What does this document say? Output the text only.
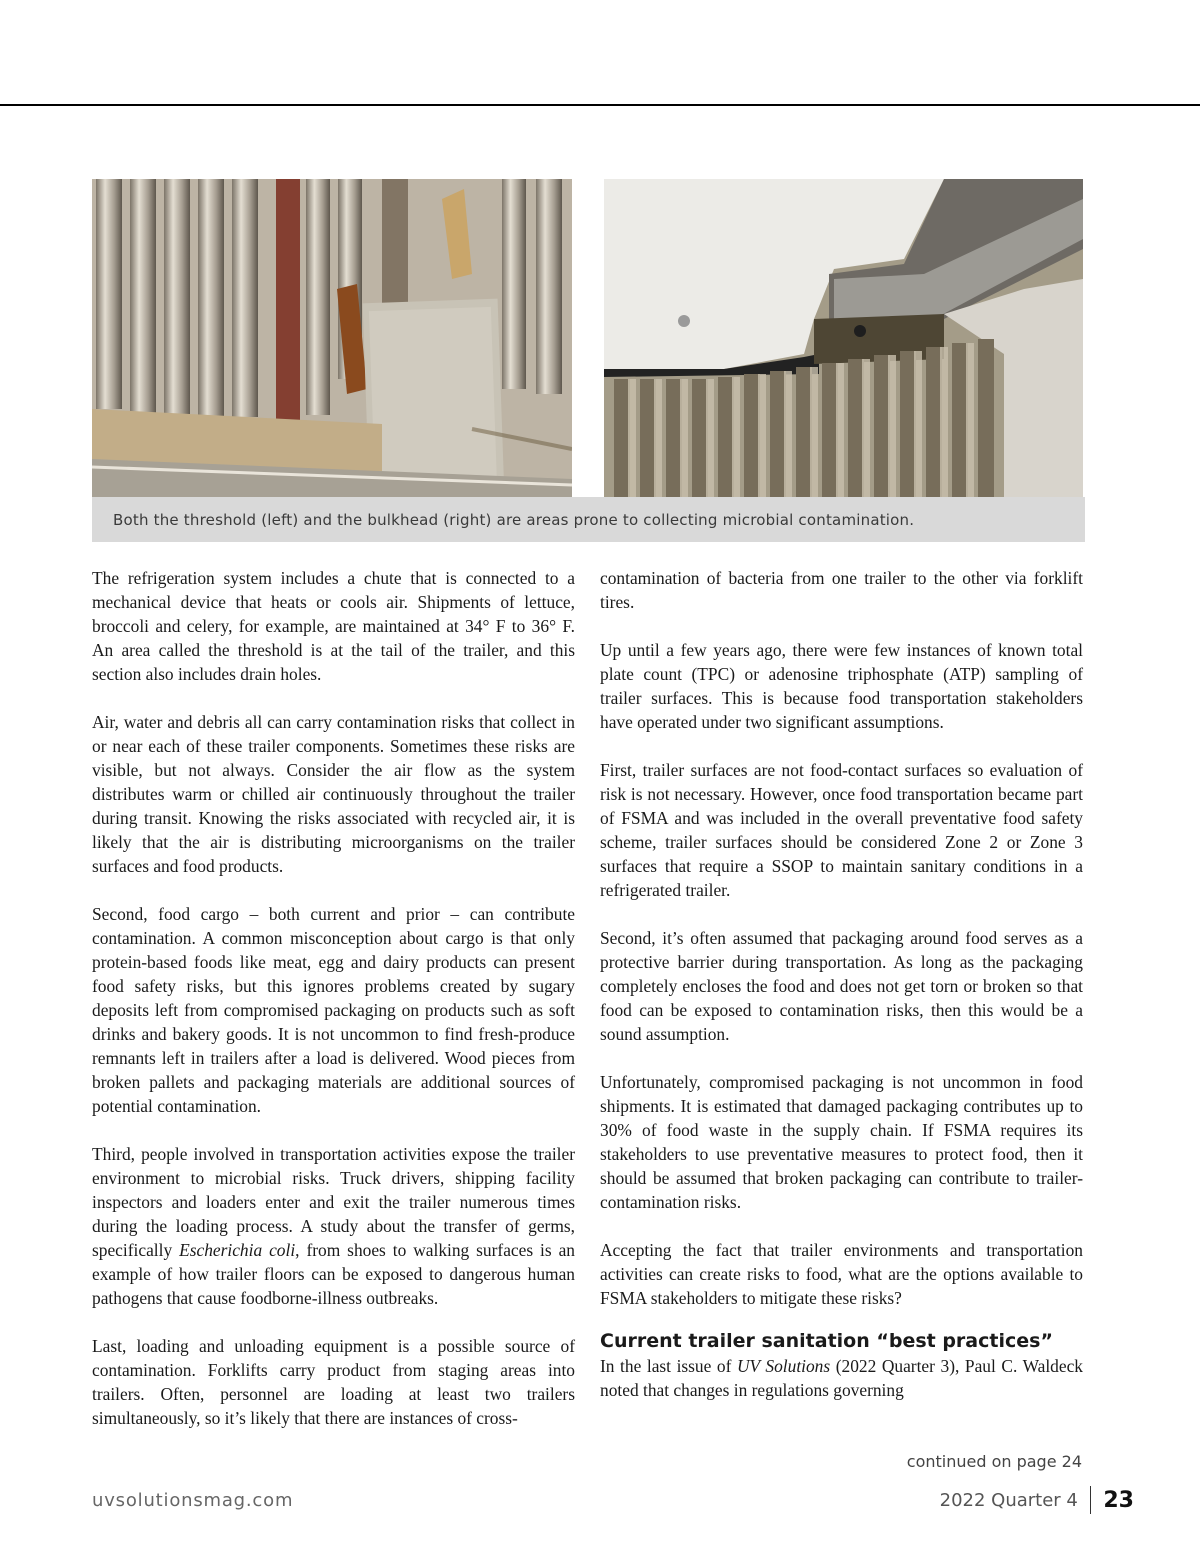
Both the threshold (left) and the bulkhead (right) are areas prone to collecting microbial contamination.

The refrigeration system includes a chute that is connected to a mechanical device that heats or cools air. Shipments of lettuce, broccoli and celery, for example, are maintained at 34° F to 36° F. An area called the threshold is at the tail of the trailer, and this section also includes drain holes.

Air, water and debris all can carry contamination risks that collect in or near each of these trailer components. Sometimes these risks are visible, but not always. Consider the air flow as the system distributes warm or chilled air continuously throughout the trailer during transit. Knowing the risks associated with recycled air, it is likely that the air is distributing microorganisms on the trailer surfaces and food products.

Second, food cargo – both current and prior – can contribute contamination. A common misconception about cargo is that only protein-based foods like meat, egg and dairy products can present food safety risks, but this ignores problems created by sugary deposits left from compromised packaging on products such as soft drinks and bakery goods. It is not uncommon to find fresh-produce remnants left in trailers after a load is delivered. Wood pieces from broken pallets and packaging materials are additional sources of potential contamination.

Third, people involved in transportation activities expose the trailer environment to microbial risks. Truck drivers, shipping facility inspectors and loaders enter and exit the trailer numerous times during the loading process. A study about the transfer of germs, specifically Escherichia coli, from shoes to walking surfaces is an example of how trailer floors can be exposed to dangerous human pathogens that cause foodborne-illness outbreaks.

Last, loading and unloading equipment is a possible source of contamination. Forklifts carry product from staging areas into trailers. Often, personnel are loading at least two trailers simultaneously, so it’s likely that there are instances of cross-

contamination of bacteria from one trailer to the other via forklift tires.

Up until a few years ago, there were few instances of known total plate count (TPC) or adenosine triphosphate (ATP) sampling of trailer surfaces. This is because food transportation stakeholders have operated under two significant assumptions.

First, trailer surfaces are not food-contact surfaces so evaluation of risk is not necessary. However, once food transportation became part of FSMA and was included in the overall preventative food safety scheme, trailer surfaces should be considered Zone 2 or Zone 3 surfaces that require a SSOP to maintain sanitary conditions in a refrigerated trailer.

Second, it’s often assumed that packaging around food serves as a protective barrier during transportation. As long as the packaging completely encloses the food and does not get torn or broken so that food can be exposed to contamination risks, then this would be a sound assumption.

Unfortunately, compromised packaging is not uncommon in food shipments. It is estimated that damaged packaging contributes up to 30% of food waste in the supply chain. If FSMA requires its stakeholders to use preventative measures to protect food, then it should be assumed that broken packaging can contribute to trailer-contamination risks.

Accepting the fact that trailer environments and transportation activities can create risks to food, what are the options available to FSMA stakeholders to mitigate these risks?

Current trailer sanitation “best practices”

In the last issue of UV Solutions (2022 Quarter 3), Paul C. Waldeck noted that changes in regulations governing

continued on page 24
uvsolutionsmag.com	2022 Quarter 4 23
